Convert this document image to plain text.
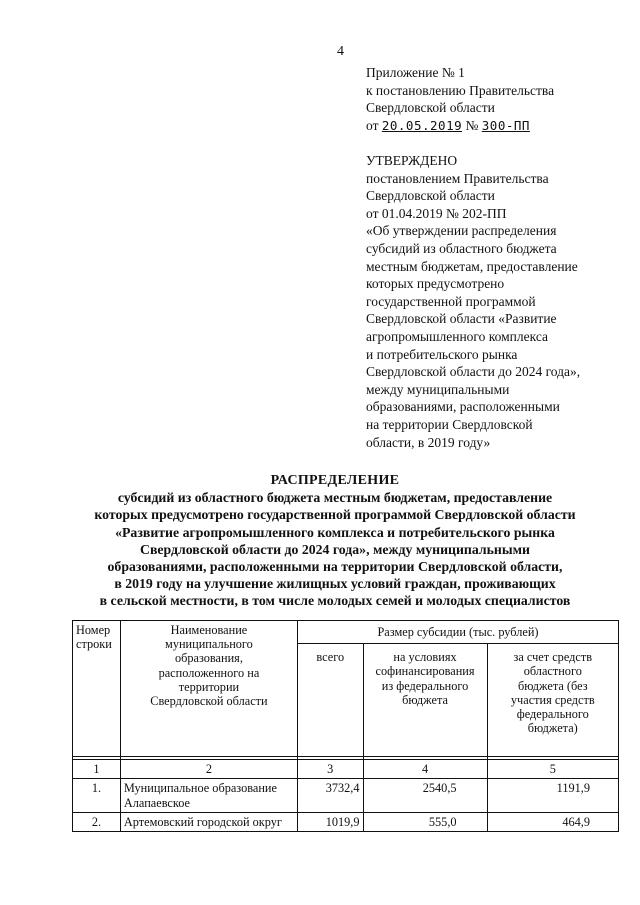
4
Приложение № 1
к постановлению Правительства
Свердловской области
от 20.05.2019 № 300-ПП
УТВЕРЖДЕНО
постановлением Правительства
Свердловской области
от 01.04.2019 № 202-ПП
«Об утверждении распределения
субсидий из областного бюджета
местным бюджетам, предоставление
которых предусмотрено
государственной программой
Свердловской области «Развитие
агропромышленного комплекса
и потребительского рынка
Свердловской области до 2024 года»,
между муниципальными
образованиями, расположенными
на территории Свердловской
области, в 2019 году»
РАСПРЕДЕЛЕНИЕ
субсидий из областного бюджета местным бюджетам, предоставление
которых предусмотрено государственной программой Свердловской области
«Развитие агропромышленного комплекса и потребительского рынка
Свердловской области до 2024 года», между муниципальными
образованиями, расположенными на территории Свердловской области,
в 2019 году на улучшение жилищных условий граждан, проживающих
в сельской местности, в том числе молодых семей и молодых специалистов
Номер строки	Наименование муниципального образования, расположенного на территории Свердловской области	Размер субсидии (тыс. рублей)		
		всего	на условиях софинансирования из федерального бюджета	за счет средств областного бюджета (без участия средств федерального бюджета)

1	2	3	4	5
1.	Муниципальное образование Алапаевское	3732,4	2540,5	1191,9
2.	Артемовский городской округ	1019,9	555,0	464,9
